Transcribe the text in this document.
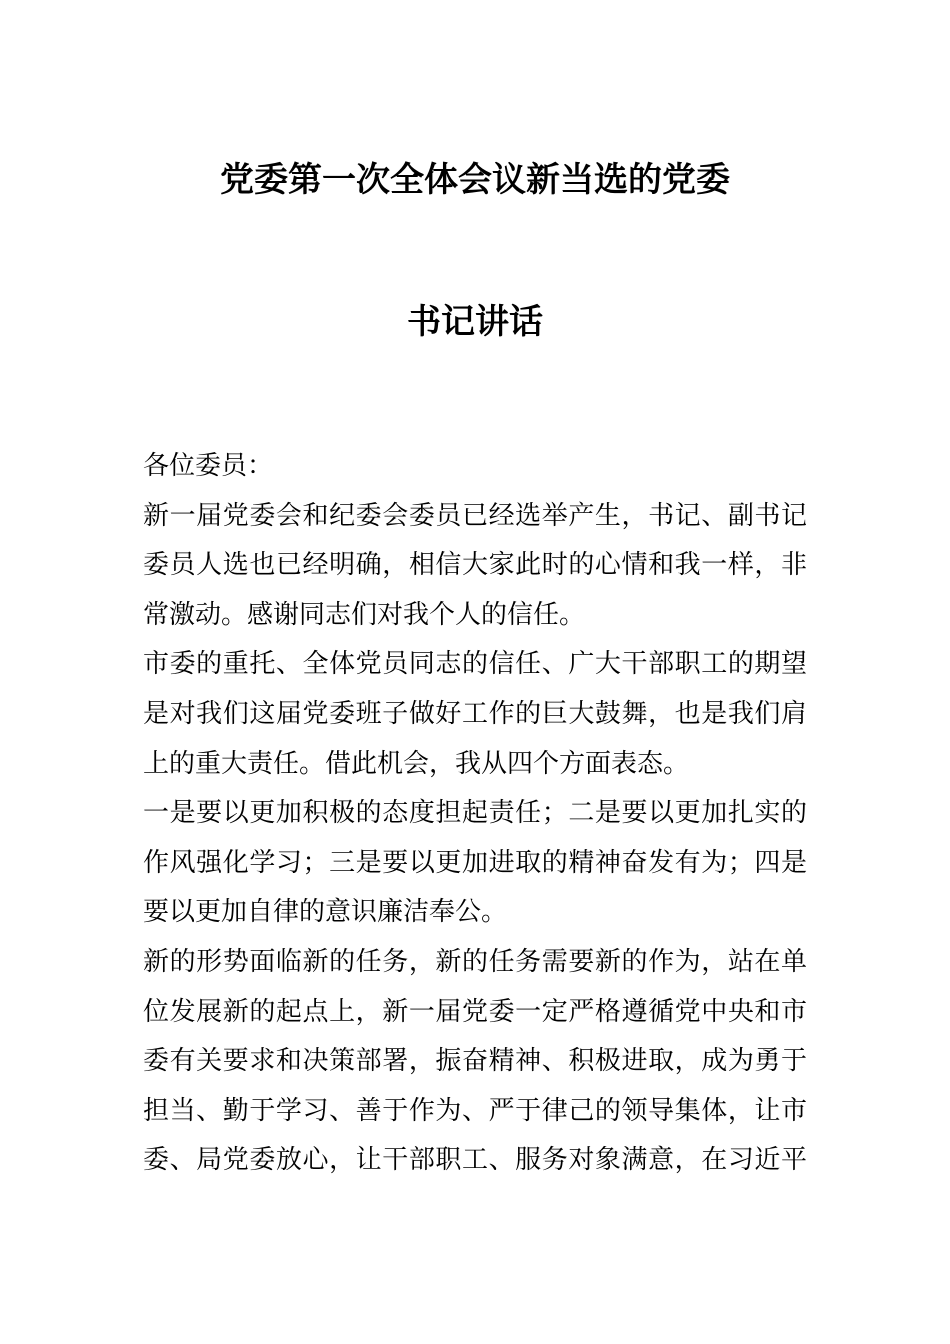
党委第一次全体会议新当选的党委
书记讲话
各位委员：
新一届党委会和纪委会委员已经选举产生，书记、副书记
委员人选也已经明确，相信大家此时的心情和我一样，非
常激动。感谢同志们对我个人的信任。
市委的重托、全体党员同志的信任、广大干部职工的期望
是对我们这届党委班子做好工作的巨大鼓舞，也是我们肩
上的重大责任。借此机会，我从四个方面表态。
一是要以更加积极的态度担起责任；二是要以更加扎实的
作风强化学习；三是要以更加进取的精神奋发有为；四是
要以更加自律的意识廉洁奉公。
新的形势面临新的任务，新的任务需要新的作为，站在单
位发展新的起点上，新一届党委一定严格遵循党中央和市
委有关要求和决策部署，振奋精神、积极进取，成为勇于
担当、勤于学习、善于作为、严于律己的领导集体，让市
委、局党委放心，让干部职工、服务对象满意，在习近平
